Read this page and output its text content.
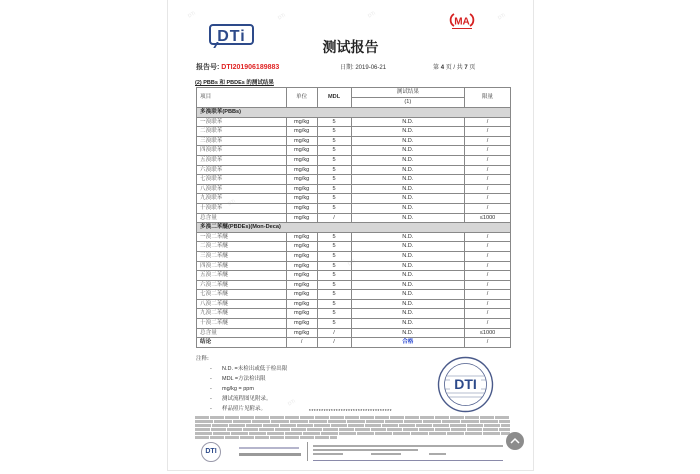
DTi	DTi	DTi	DTi
DTi
DTi
DTi
DTi
MA
测试报告
报告号: DTI201906189883	日期: 2019-06-21	第 4 页 / 共 7 页
(2) PBBs 和 PBDEs 的测试结果
项目	单位	MDL	测试结果	限量
			(1)	
多溴联苯(PBBs)				
一溴联苯	mg/kg	5	N.D.	/
二溴联苯	mg/kg	5	N.D.	/
三溴联苯	mg/kg	5	N.D.	/
四溴联苯	mg/kg	5	N.D.	/
五溴联苯	mg/kg	5	N.D.	/
六溴联苯	mg/kg	5	N.D.	/
七溴联苯	mg/kg	5	N.D.	/
八溴联苯	mg/kg	5	N.D.	/
九溴联苯	mg/kg	5	N.D.	/
十溴联苯	mg/kg	5	N.D.	/
总含量	mg/kg	/	N.D.	≤1000
多溴二苯醚(PBDEs)(Mon-Deca)				
一溴二苯醚	mg/kg	5	N.D.	/
二溴二苯醚	mg/kg	5	N.D.	/
三溴二苯醚	mg/kg	5	N.D.	/
四溴二苯醚	mg/kg	5	N.D.	/
五溴二苯醚	mg/kg	5	N.D.	/
六溴二苯醚	mg/kg	5	N.D.	/
七溴二苯醚	mg/kg	5	N.D.	/
八溴二苯醚	mg/kg	5	N.D.	/
九溴二苯醚	mg/kg	5	N.D.	/
十溴二苯醚	mg/kg	5	N.D.	/
总含量	mg/kg	/	N.D.	≤1000
结论	/	/	合格	/
注释:
- N.D. =未检出或低于检出限
- MDL =方法检出限
- mg/kg = ppm
- 测试流程图见附录。
- 样品照片见附录。
DTI
**********************************
DTI
